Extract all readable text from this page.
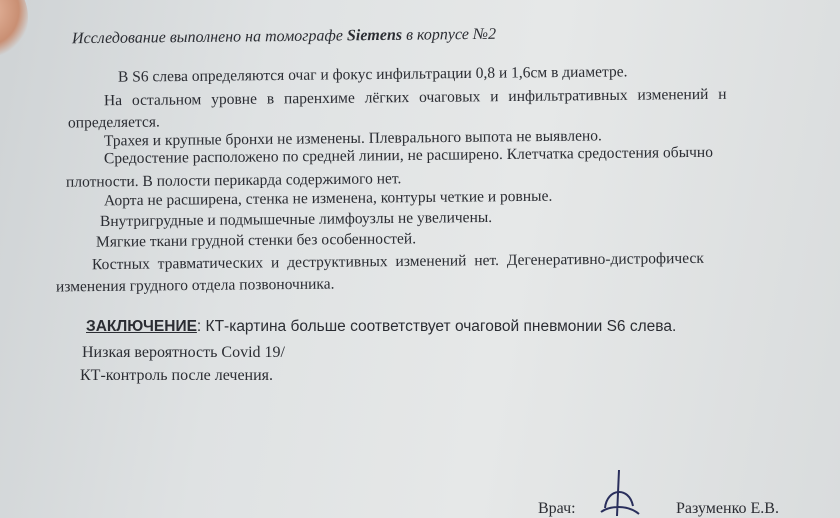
Исследование выполнено на томографе Siemens в корпусе №2
В S6 слева определяются очаг и фокус инфильтрации 0,8 и 1,6см в диаметре.
На остальном уровне в паренхиме лёгких очаговых и инфильтративных изменений н
определяется.
Трахея и крупные бронхи не изменены. Плеврального выпота не выявлено.
Средостение расположено по средней линии, не расширено. Клетчатка средостения обычно
плотности. В полости перикарда содержимого нет.
Аорта не расширена, стенка не изменена, контуры четкие и ровные.
Внутригрудные и подмышечные лимфоузлы не увеличены.
Мягкие ткани грудной стенки без особенностей.
Костных травматических и деструктивных изменений нет. Дегенеративно-дистрофическ
изменения грудного отдела позвоночника.
ЗАКЛЮЧЕНИЕ: КТ-картина больше соответствует очаговой пневмонии S6 слева.
Низкая вероятность Covid 19/
КТ-контроль после лечения.
Врач:	Разуменко Е.В.
